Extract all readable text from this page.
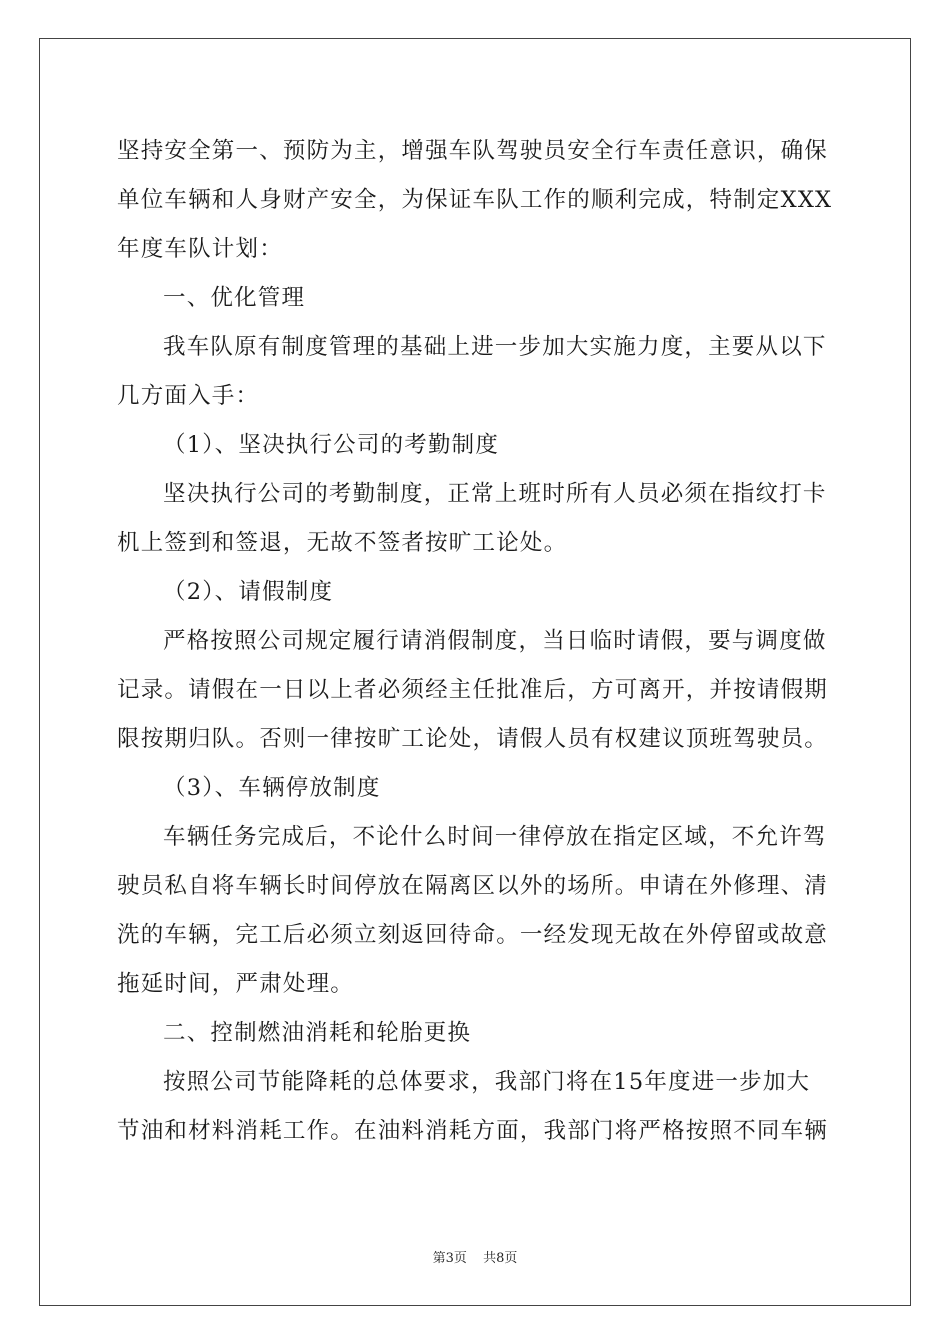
坚持安全第一、预防为主，增强车队驾驶员安全行车责任意识，确保
单位车辆和人身财产安全，为保证车队工作的顺利完成，特制定XXX
年度车队计划：
一、优化管理
我车队原有制度管理的基础上进一步加大实施力度，主要从以下
几方面入手：
（1）、坚决执行公司的考勤制度
坚决执行公司的考勤制度，正常上班时所有人员必须在指纹打卡
机上签到和签退，无故不签者按旷工论处。
（2）、请假制度
严格按照公司规定履行请消假制度，当日临时请假，要与调度做
记录。请假在一日以上者必须经主任批准后，方可离开，并按请假期
限按期归队。否则一律按旷工论处，请假人员有权建议顶班驾驶员。
（3）、车辆停放制度
车辆任务完成后，不论什么时间一律停放在指定区域，不允许驾
驶员私自将车辆长时间停放在隔离区以外的场所。申请在外修理、清
洗的车辆，完工后必须立刻返回待命。一经发现无故在外停留或故意
拖延时间，严肃处理。
二、控制燃油消耗和轮胎更换
按照公司节能降耗的总体要求，我部门将在15年度进一步加大
节油和材料消耗工作。在油料消耗方面，我部门将严格按照不同车辆
第3页 共8页
